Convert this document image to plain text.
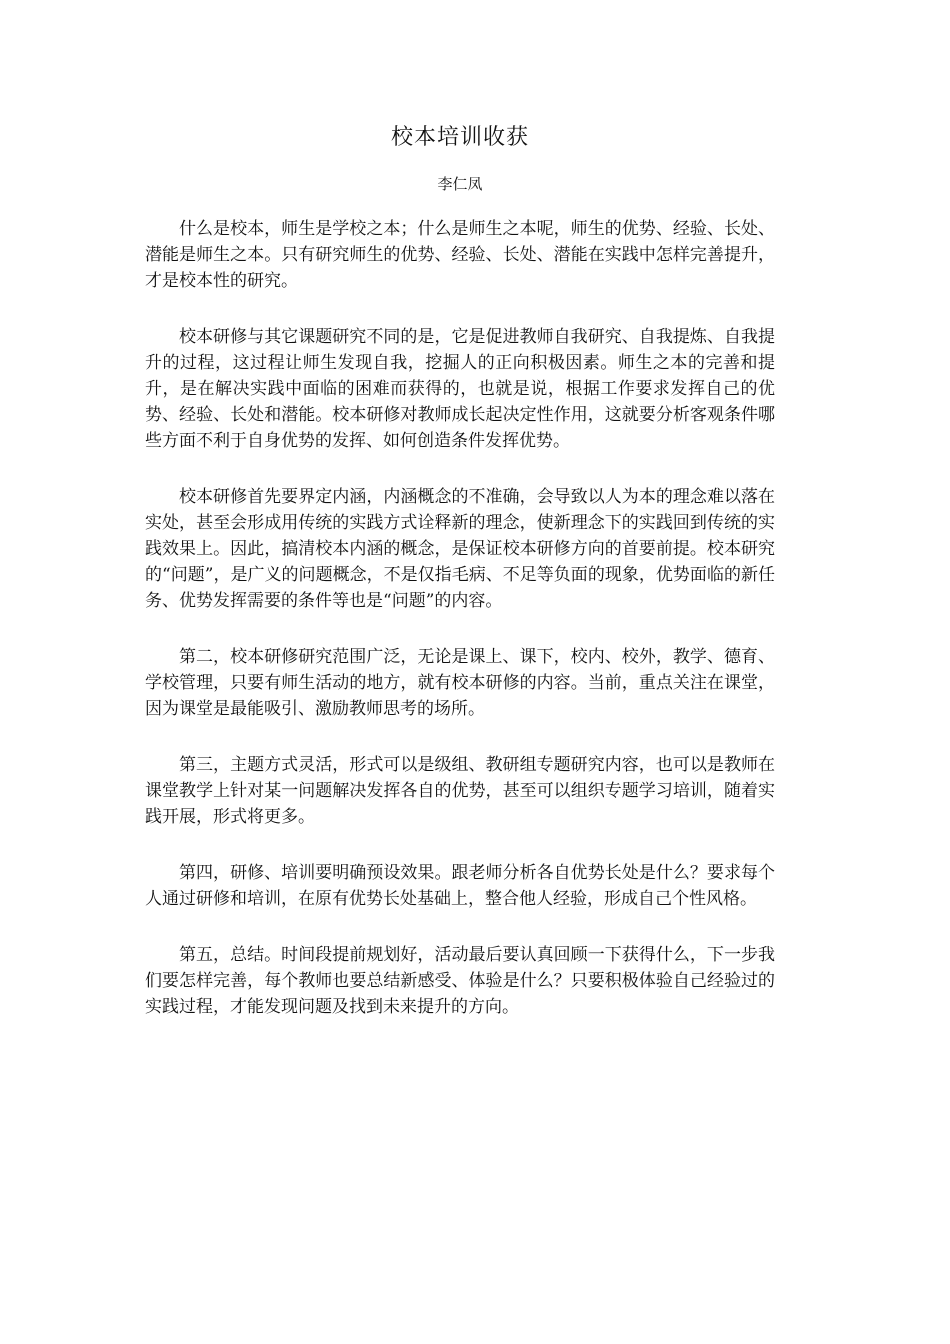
校本培训收获
李仁凤

什么是校本，师生是学校之本；什么是师生之本呢，师生的优势、经验、长处、潜能是师生之本。只有研究师生的优势、经验、长处、潜能在实践中怎样完善提升，才是校本性的研究。

校本研修与其它课题研究不同的是，它是促进教师自我研究、自我提炼、自我提升的过程，这过程让师生发现自我，挖掘人的正向积极因素。师生之本的完善和提升，是在解决实践中面临的困难而获得的，也就是说，根据工作要求发挥自己的优势、经验、长处和潜能。校本研修对教师成长起决定性作用，这就要分析客观条件哪些方面不利于自身优势的发挥、如何创造条件发挥优势。

校本研修首先要界定内涵，内涵概念的不准确，会导致以人为本的理念难以落在实处，甚至会形成用传统的实践方式诠释新的理念，使新理念下的实践回到传统的实践效果上。因此，搞清校本内涵的概念，是保证校本研修方向的首要前提。校本研究的“问题”，是广义的问题概念，不是仅指毛病、不足等负面的现象，优势面临的新任务、优势发挥需要的条件等也是“问题”的内容。

第二，校本研修研究范围广泛，无论是课上、课下，校内、校外，教学、德育、学校管理，只要有师生活动的地方，就有校本研修的内容。当前，重点关注在课堂，因为课堂是最能吸引、激励教师思考的场所。

第三，主题方式灵活，形式可以是级组、教研组专题研究内容，也可以是教师在课堂教学上针对某一问题解决发挥各自的优势，甚至可以组织专题学习培训，随着实践开展，形式将更多。

第四，研修、培训要明确预设效果。跟老师分析各自优势长处是什么？要求每个人通过研修和培训，在原有优势长处基础上，整合他人经验，形成自己个性风格。

第五，总结。时间段提前规划好，活动最后要认真回顾一下获得什么，下一步我们要怎样完善，每个教师也要总结新感受、体验是什么？只要积极体验自己经验过的实践过程，才能发现问题及找到未来提升的方向。
